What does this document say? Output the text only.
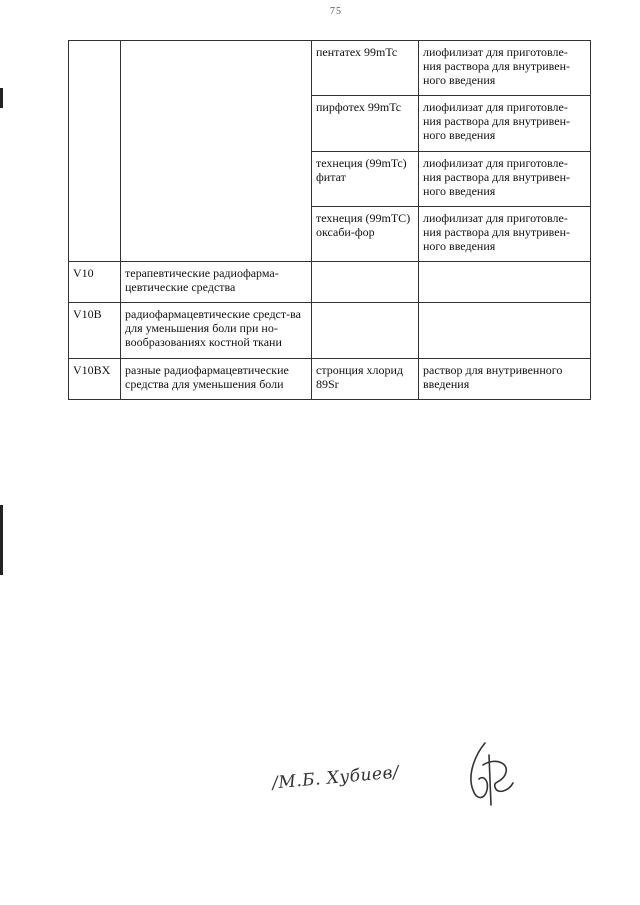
75
		пентатех 99mTc	лиофилизат для приготовле-ния раствора для внутривен-ного введения
		пирфотех 99mTc	лиофилизат для приготовле-ния раствора для внутривен-ного введения
		технеция (99mTc) фитат	лиофилизат для приготовле-ния раствора для внутривен-ного введения
		технеция (99mTC) оксаби-фор	лиофилизат для приготовле-ния раствора для внутривен-ного введения
V10	терапевтические радиофарма-цевтические средства		
V10B	радиофармацевтические средст-ва для уменьшения боли при но-вообразованиях костной ткани		
V10BX	разные радиофармацевтические средства для уменьшения боли	стронция хлорид 89Sr	раствор для внутривенного введения
/М.Б. Хубиев/
